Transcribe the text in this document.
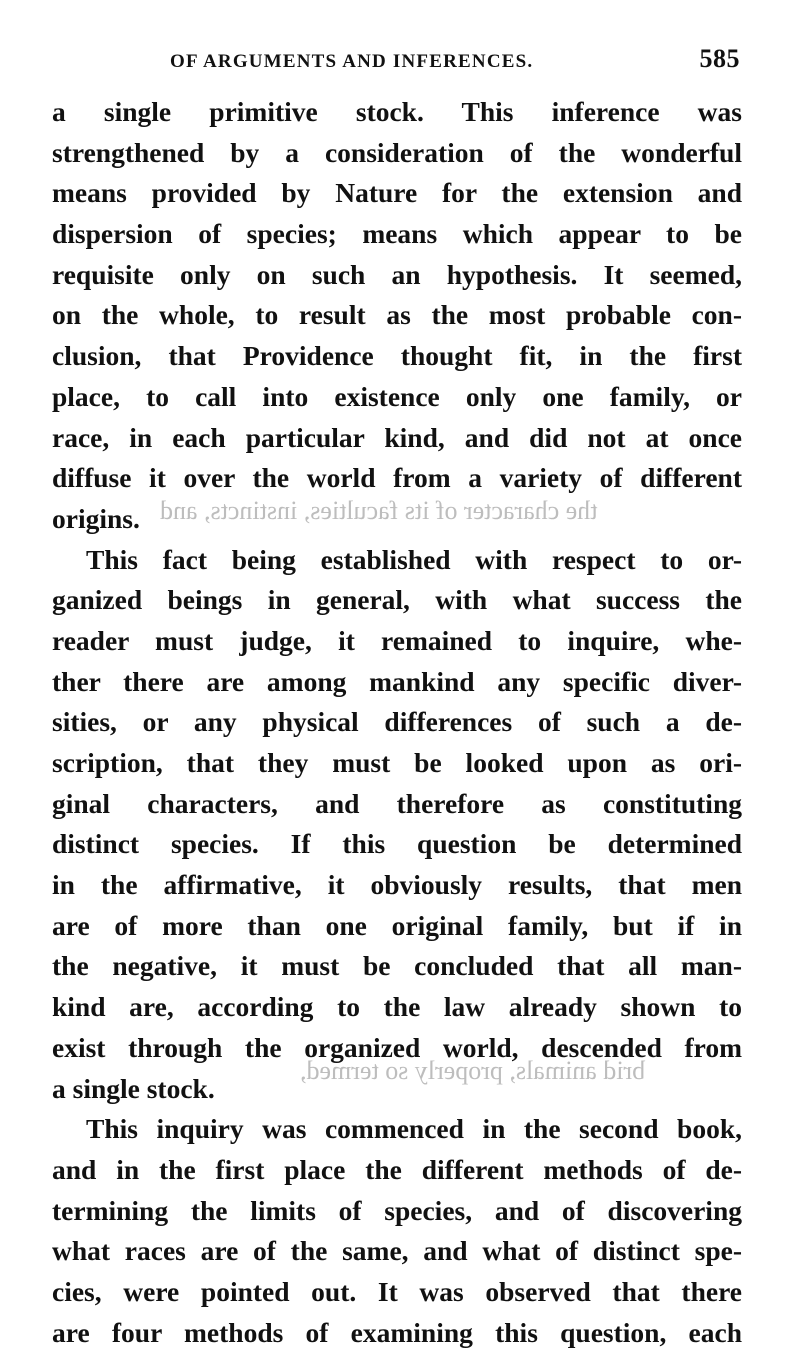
OF ARGUMENTS AND INFERENCES.	585
the character of its faculties, instincts, and
brid animals, properly so termed,
a single primitive stock. This inference was
strengthened by a consideration of the wonderful
means provided by Nature for the extension and
dispersion of species; means which appear to be
requisite only on such an hypothesis. It seemed,
on the whole, to result as the most probable con-
clusion, that Providence thought fit, in the first
place, to call into existence only one family, or
race, in each particular kind, and did not at once
diffuse it over the world from a variety of different
origins.
This fact being established with respect to or-
ganized beings in general, with what success the
reader must judge, it remained to inquire, whe-
ther there are among mankind any specific diver-
sities, or any physical differences of such a de-
scription, that they must be looked upon as ori-
ginal characters, and therefore as constituting
distinct species. If this question be determined
in the affirmative, it obviously results, that men
are of more than one original family, but if in
the negative, it must be concluded that all man-
kind are, according to the law already shown to
exist through the organized world, descended from
a single stock.
This inquiry was commenced in the second book,
and in the first place the different methods of de-
termining the limits of species, and of discovering
what races are of the same, and what of distinct spe-
cies, were pointed out. It was observed that there
are four methods of examining this question, each
